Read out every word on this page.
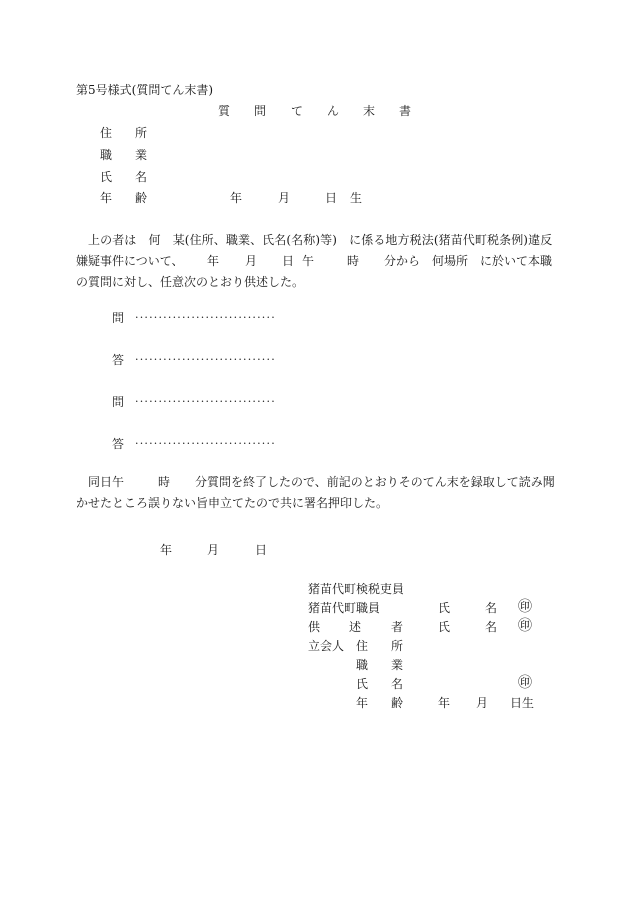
第5号様式(質問てん末書)
質 問 て ん 末 書
住 所
職 業
氏 名
年 齢	年	月	日 生
上の者は　何　某(住所、職業、氏名(名称)等)　に係る地方税法(猪苗代町税条例)違反
嫌疑事件について、 年 月 日 午	時 分から　何場所　に於いて本職
の質問に対し、任意次のとおり供述した。
問 ······························
答 ······························
問 ······························
答 ······························
同日午	時 分質問を終了したので、前記のとおりそのてん末を録取して読み聞
かせたところ誤りない旨申立てたので共に署名押印した。
年	月	日
猪苗代町検税吏員
猪苗代町職員	氏	名 ㊞
供 述 者	氏	名 ㊞
立会人 住 所
職 業
氏 名	㊞
年 齢	年 月 日生
